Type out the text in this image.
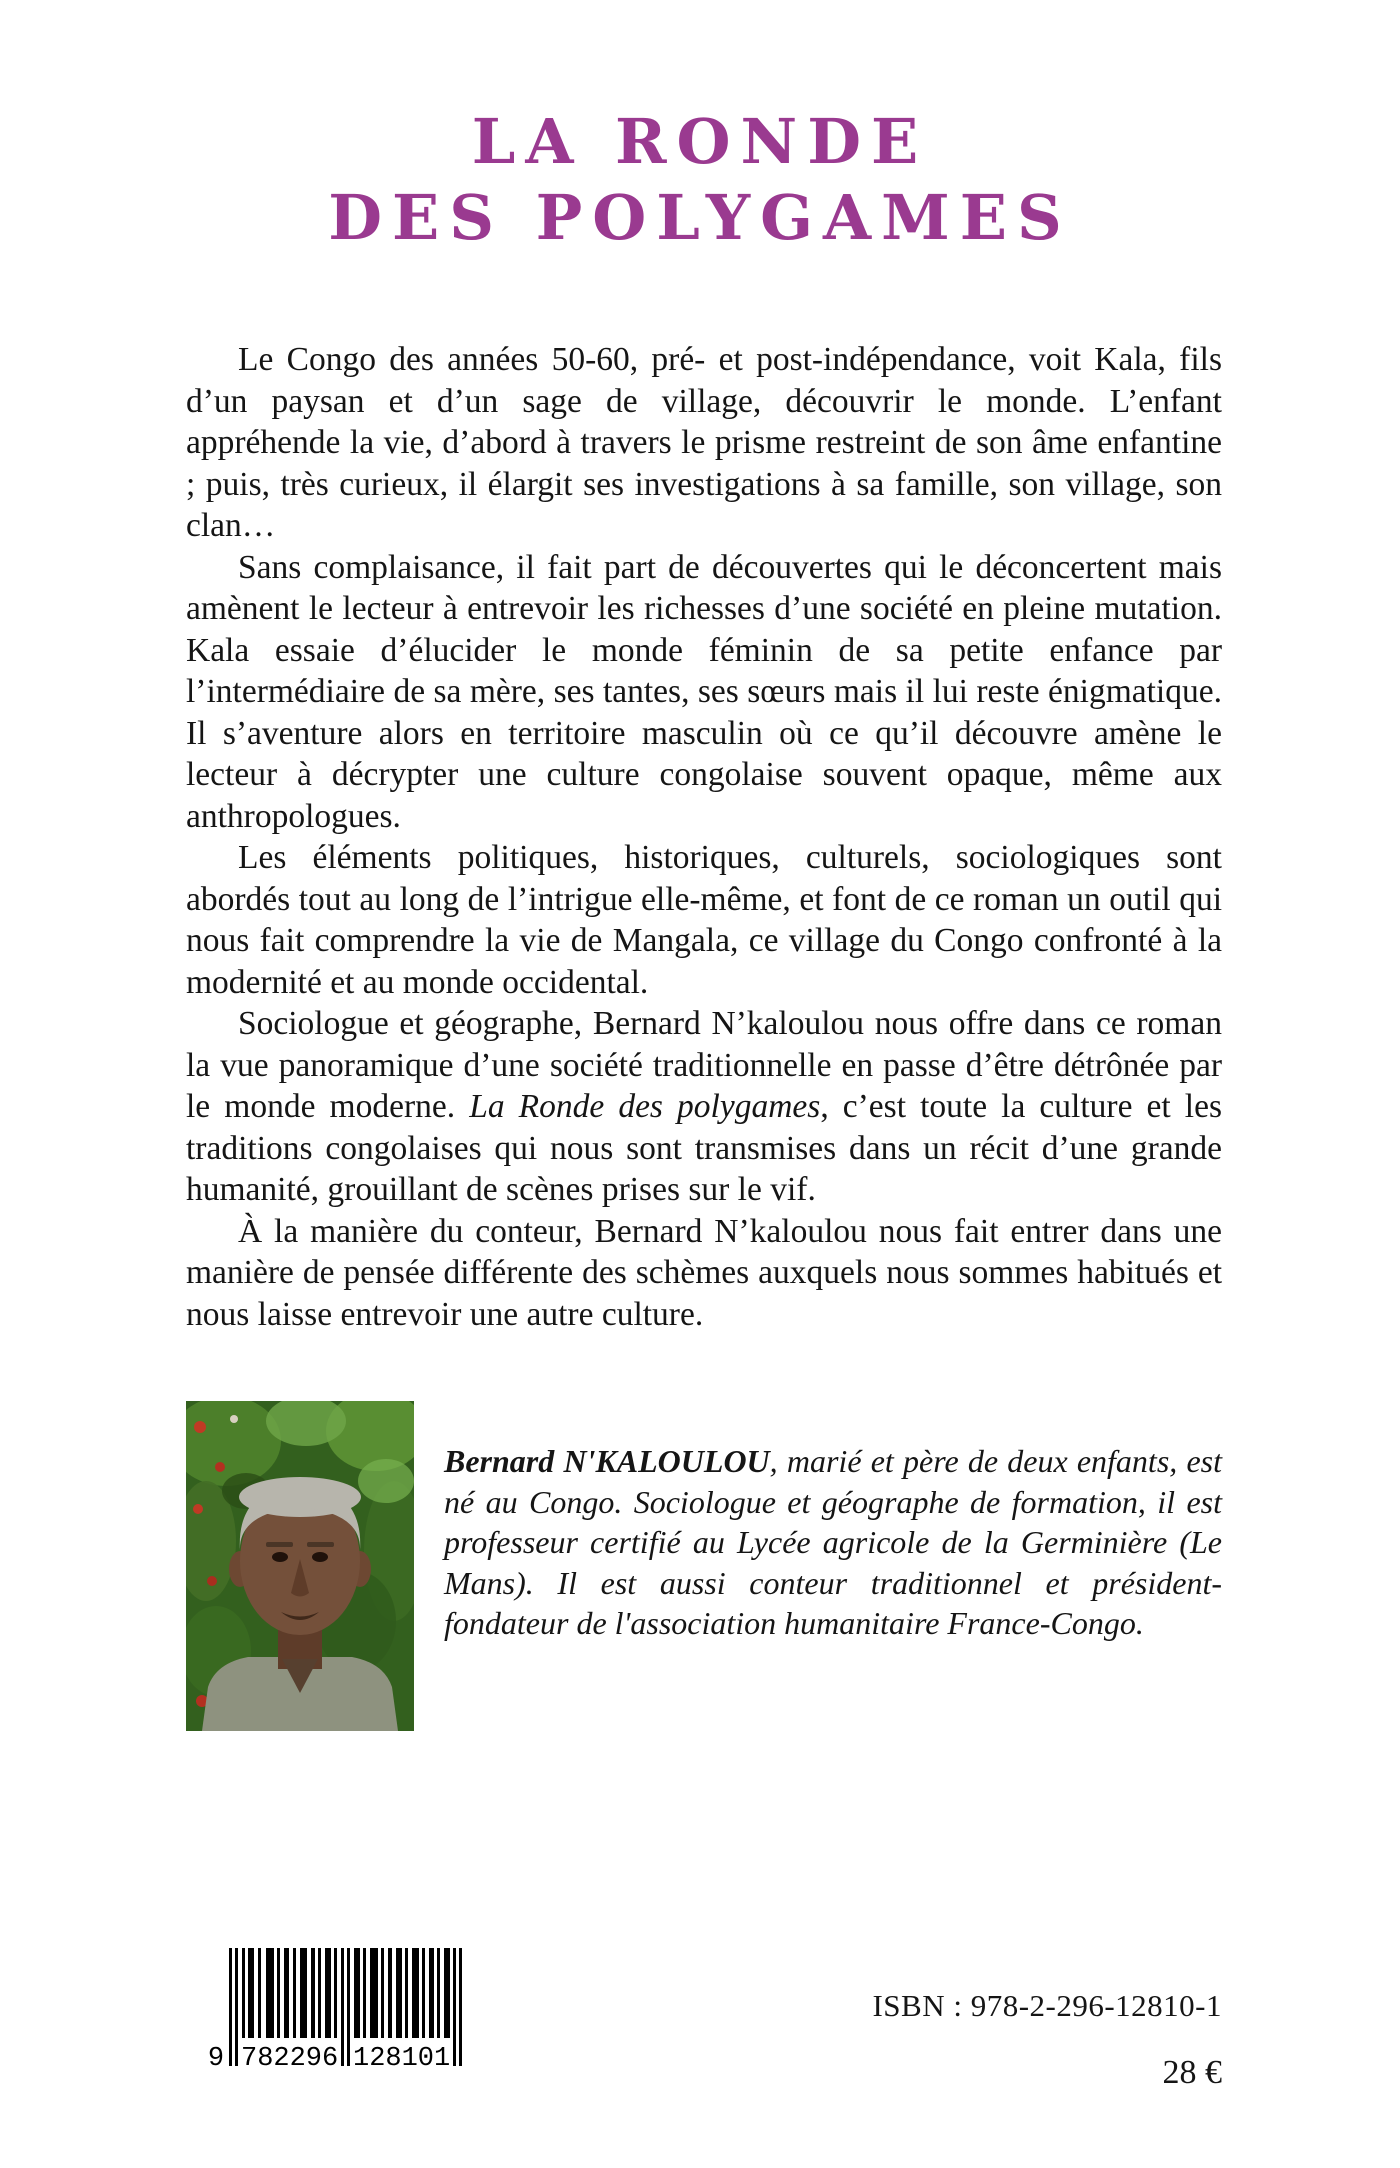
LA RONDE
DES POLYGAMES

Le Congo des années 50-60, pré- et post-indépendance, voit Kala, fils d’un paysan et d’un sage de village, découvrir le monde. L’enfant appréhende la vie, d’abord à travers le prisme restreint de son âme enfantine ; puis, très curieux, il élargit ses investigations à sa famille, son village, son clan…

Sans complaisance, il fait part de découvertes qui le déconcertent mais amènent le lecteur à entrevoir les richesses d’une société en pleine mutation. Kala essaie d’élucider le monde féminin de sa petite enfance par l’intermédiaire de sa mère, ses tantes, ses sœurs mais il lui reste énigmatique. Il s’aventure alors en territoire masculin où ce qu’il découvre amène le lecteur à décrypter une culture congolaise souvent opaque, même aux anthropologues.

Les éléments politiques, historiques, culturels, sociologiques sont abordés tout au long de l’intrigue elle-même, et font de ce roman un outil qui nous fait comprendre la vie de Mangala, ce village du Congo confronté à la modernité et au monde occidental.

Sociologue et géographe, Bernard N’kaloulou nous offre dans ce roman la vue panoramique d’une société traditionnelle en passe d’être détrônée par le monde moderne. La Ronde des polygames, c’est toute la culture et les traditions congolaises qui nous sont transmises dans un récit d’une grande humanité, grouillant de scènes prises sur le vif.

À la manière du conteur, Bernard N’kaloulou nous fait entrer dans une manière de pensée différente des schèmes auxquels nous sommes habitués et nous laisse entrevoir une autre culture.

Bernard N'KALOULOU, marié et père de deux enfants, est né au Congo. Sociologue et géographe de formation, il est professeur certifié au Lycée agricole de la Germinière (Le Mans). Il est aussi conteur traditionnel et président-fondateur de l'association humanitaire France-Congo.

9 782296 128101
ISBN : 978-2-296-12810-1
28 €
